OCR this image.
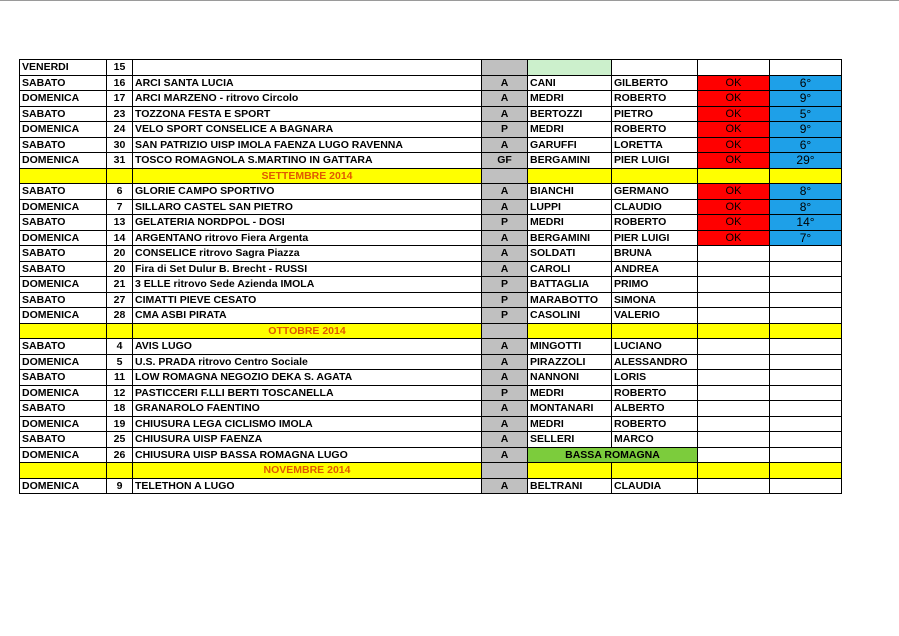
VENERDI	15						
SABATO	16	ARCI SANTA LUCIA	A	CANI	GILBERTO	OK	6°
DOMENICA	17	ARCI MARZENO - ritrovo Circolo	A	MEDRI	ROBERTO	OK	9°
SABATO	23	TOZZONA FESTA E SPORT	A	BERTOZZI	PIETRO	OK	5°
DOMENICA	24	VELO SPORT CONSELICE A BAGNARA	P	MEDRI	ROBERTO	OK	9°
SABATO	30	SAN PATRIZIO UISP IMOLA FAENZA LUGO RAVENNA	A	GARUFFI	LORETTA	OK	6°
DOMENICA	31	TOSCO ROMAGNOLA S.MARTINO IN GATTARA	GF	BERGAMINI	PIER LUIGI	OK	29°
		SETTEMBRE 2014					
SABATO	6	GLORIE CAMPO SPORTIVO	A	BIANCHI	GERMANO	OK	8°
DOMENICA	7	SILLARO CASTEL SAN PIETRO	A	LUPPI	CLAUDIO	OK	8°
SABATO	13	GELATERIA NORDPOL - DOSI	P	MEDRI	ROBERTO	OK	14°
DOMENICA	14	ARGENTANO ritrovo Fiera Argenta	A	BERGAMINI	PIER LUIGI	OK	7°
SABATO	20	CONSELICE ritrovo Sagra Piazza	A	SOLDATI	BRUNA		
SABATO	20	Fira di Set Dulur B. Brecht - RUSSI	A	CAROLI	ANDREA		
DOMENICA	21	3 ELLE ritrovo Sede Azienda IMOLA	P	BATTAGLIA	PRIMO		
SABATO	27	CIMATTI PIEVE CESATO	P	MARABOTTO	SIMONA		
DOMENICA	28	CMA ASBI PIRATA	P	CASOLINI	VALERIO		
		OTTOBRE 2014					
SABATO	4	AVIS LUGO	A	MINGOTTI	LUCIANO		
DOMENICA	5	U.S. PRADA ritrovo Centro Sociale	A	PIRAZZOLI	ALESSANDRO		
SABATO	11	LOW ROMAGNA NEGOZIO DEKA S. AGATA	A	NANNONI	LORIS		
DOMENICA	12	PASTICCERI F.LLI BERTI TOSCANELLA	P	MEDRI	ROBERTO		
SABATO	18	GRANAROLO FAENTINO	A	MONTANARI	ALBERTO		
DOMENICA	19	CHIUSURA LEGA CICLISMO IMOLA	A	MEDRI	ROBERTO		
SABATO	25	CHIUSURA UISP FAENZA	A	SELLERI	MARCO		
DOMENICA	26	CHIUSURA UISP BASSA ROMAGNA LUGO	A	BASSA ROMAGNA			
		NOVEMBRE 2014					
DOMENICA	9	TELETHON A LUGO	A	BELTRANI	CLAUDIA		
